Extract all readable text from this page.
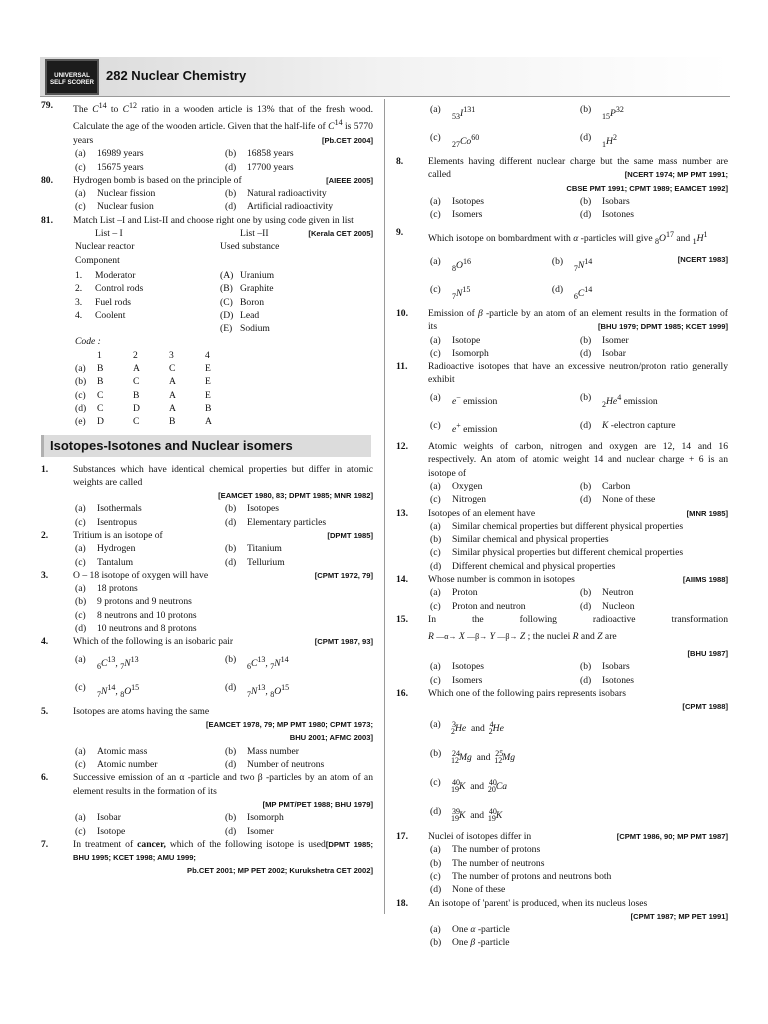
UNIVERSAL
SELF SCORER 282 Nuclear Chemistry
79. The $C^{14}$ to $C^{12}$ ratio in a wooden article is 13% that of the fresh wood. Calculate the age of the wooden article. Given that the half-life of $C^{14}$ is 5770 years	[Pb.CET 2004]
(a)	16989 years	(b)	16858 years
(c)	15675 years	(d)	17700 years
80.	[AIEEE 2005]
Hydrogen bomb is based on the principle of
(a)	Nuclear fission	(b)	Natural radioactivity
(c)	Nuclear fusion	(d)	Artificial radioactivity
81. Match List –I and List-II and choose right one by using code given in list
[Kerala CET 2005]
List – I	List –II
Nuclear reactor	Used substance
Component
1. Moderator	(A) Uranium
2. Control rods	(B) Graphite
3. Fuel rods	(C) Boron
4. Coolent	(D) Lead
(E) Sodium
Code :
1	2	3	4
(a)	B	A	C	E
(b)	B	C	A	E
(c)	C	B	A	E
(d)	C	D	A	B
(e)	D	C	B	A
Isotopes-Isotones and Nuclear isomers
1.	Substances which have identical chemical properties but differ in atomic weights are called
[EAMCET 1980, 83; DPMT 1985; MNR 1982]
(a)	Isothermals	(b)	Isotopes
(c)	Isentropus	(d)	Elementary particles
2.	[DPMT 1985]
Tritium is an isotope of
(a)	Hydrogen	(b)	Titanium
(c)	Tantalum	(d)	Tellurium
3.	[CPMT 1972, 79]
O – 18 isotope of oxygen will have
(a)	18 protons
(b)	9 protons and 9 neutrons
(c)	8 neutrons and 10 protons
(d)	10 neutrons and 8 protons
4.	[CPMT 1987, 93]
Which of the following is an isobaric pair
(a)
$_6C^{13}$, $_7N^{13}$	(b)
$_6C^{13}$, $_7N^{14}$
(c)
$_7N^{14}$, $_8O^{15}$	(d)
$_7N^{13}$, $_8O^{15}$
5.	Isotopes are atoms having the same
[EAMCET 1978, 79; MP PMT 1980; CPMT 1973;
BHU 2001; AFMC 2003]
(a)	Atomic mass	(b)	Mass number
(c)	Atomic number	(d)	Number of neutrons
6.	Successive emission of an α -particle and two β -particles by an atom of an element results in the formation of its
[MP PMT/PET 1988; BHU 1979]
(a)	Isobar	(b)	Isomorph
(c)	Isotope	(d)	Isomer
7.	In treatment of cancer, which of the following isotope is used[DPMT 1985; BHU 1995; KCET 1998; AMU 1999;
Pb.CET 2001; MP PET 2002; Kurukshetra CET 2002]
(a)
$_{53}I^{131}$	(b)
$_{15}P^{32}$
(c)
$_{27}Co^{60}$	(d)
$_1H^2$
8.	Elements having different nuclear charge but the same mass number are called	[NCERT 1974; MP PMT 1991;
CBSE PMT 1991; CPMT 1989; EAMCET 1992]
(a)	Isotopes	(b)	Isobars
(c)	Isomers	(d)	Isotones
9.
Which isotope on bombardment with α -particles will give $_8O^{17}$ and $_1H^1$
[NCERT 1983]
(a)
$_8O^{16}$	(b)
$_7N^{14}$
(c)
$_7N^{15}$	(d)
$_6C^{14}$
10. Emission of β -particle by an atom of an element results in the formation of its	[BHU 1979; DPMT 1985; KCET 1999]
(a)	Isotope	(b)	Isomer
(c)	Isomorph	(d)	Isobar
11. Radioactive isotopes that have an excessive neutron/proton ratio generally exhibit
(a)	e− emission	(b)
$_2He^4$ emission
(c)	e+ emission	(d)	K -electron capture
12. Atomic weights of carbon, nitrogen and oxygen are 12, 14 and 16 respectively. An atom of atomic weight 14 and nuclear charge + 6 is an isotope of
(a)	Oxygen	(b)	Carbon
(c)	Nitrogen	(d)	None of these
13.	[MNR 1985]
Isotopes of an element have
(a)	Similar chemical properties but different physical properties
(b)	Similar chemical and physical properties
(c)	Similar physical properties but different chemical properties
(d)	Different chemical and physical properties
14.	[AIIMS 1988]
Whose number is common in isotopes
(a)	Proton	(b)	Neutron
(c)	Proton and neutron	(d)	Nucleon
15. In the following radioactive transformation
R —α→ X —β→ Y —β→ Z ; the nuclei R and Z are
[BHU 1987]
(a)	Isotopes	(b)	Isobars
(c)	Isomers	(d)	Isotones
16. Which one of the following pairs represents isobars
[CPMT 1988]
(a)	$^3_2$He  and  $^4_2$He
(b)	$^{24}_{12}$Mg  and  $^{25}_{12}$Mg
(c)	$^{40}_{19}$K  and  $^{40}_{20}$Ca
(d)	$^{39}_{19}$K  and  $^{40}_{19}$K
17.	[CPMT 1986, 90; MP PMT 1987]
Nuclei of isotopes differ in
(a)	The number of protons
(b)	The number of neutrons
(c)	The number of protons and neutrons both
(d)	None of these
18. An isotope of 'parent' is produced, when its nucleus loses
[CPMT 1987; MP PET 1991]
(a)	One α -particle
(b)	One β -particle
